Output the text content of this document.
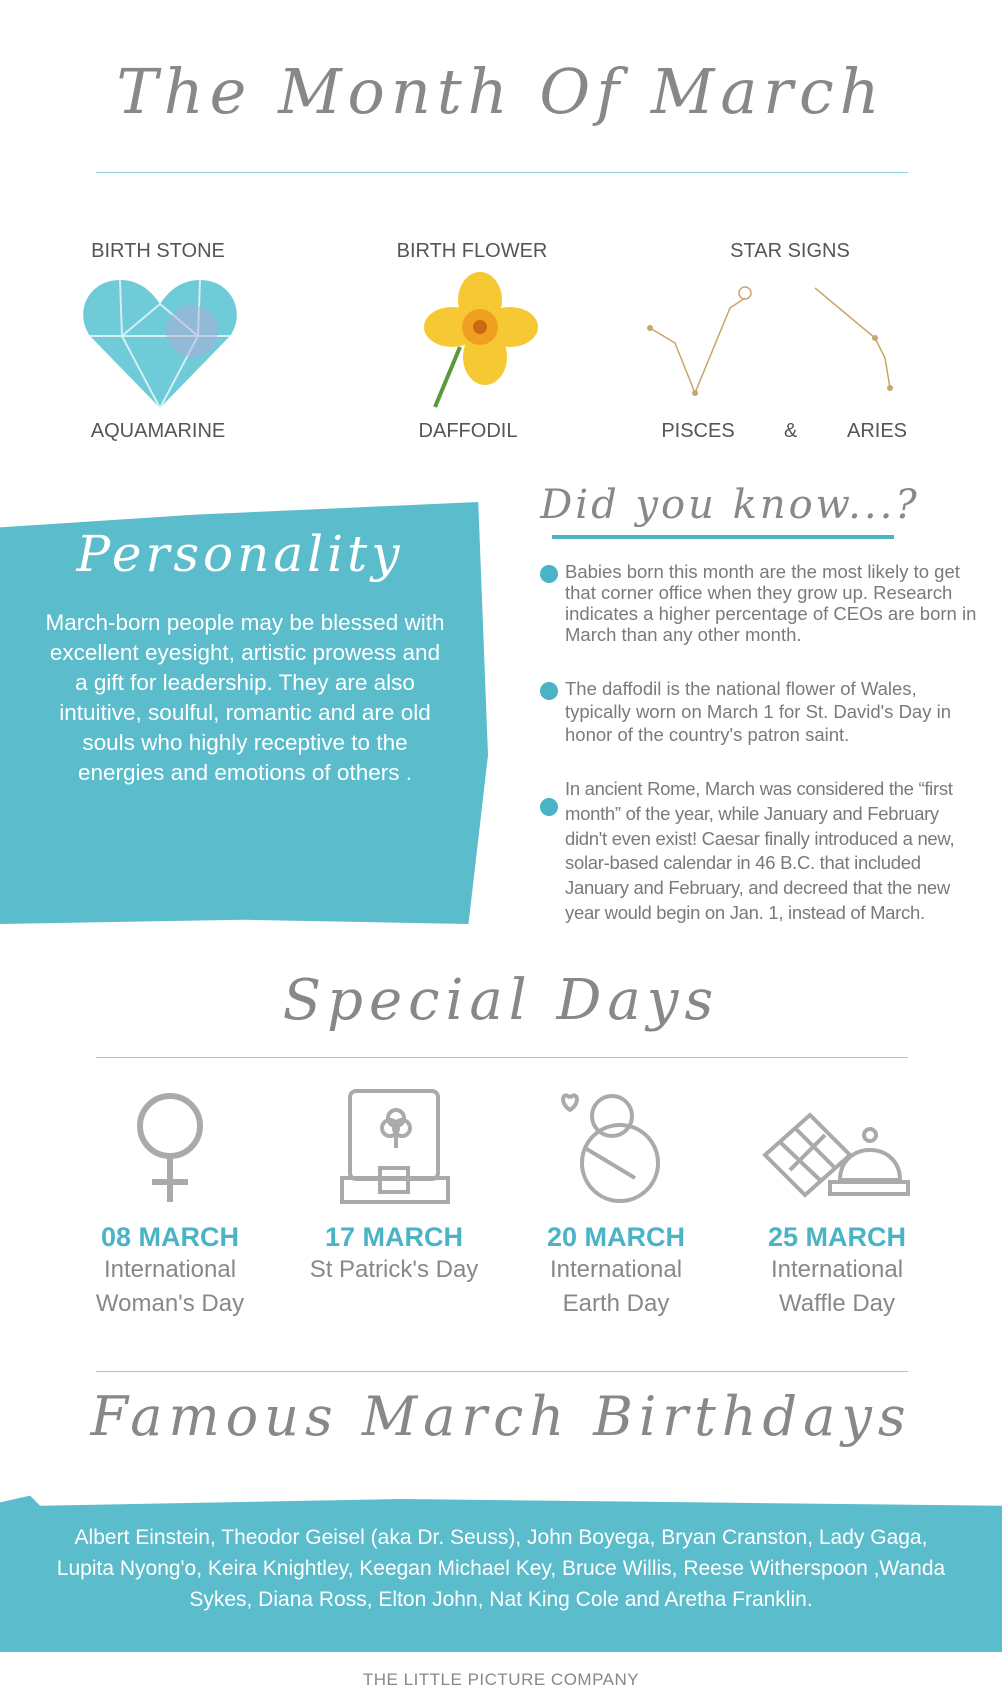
The Month Of March
BIRTH STONE
AQUAMARINE
BIRTH FLOWER
DAFFODIL
STAR SIGNS
PISCES	&	ARIES
Personality
March-born people may be blessed with excellent eyesight, artistic prowess and a gift for leadership. They are also intuitive, soulful, romantic and are old souls who highly receptive to the energies and emotions of others .
Did you know...?
Babies born this month are the most likely to get that corner office when they grow up. Research indicates a higher percentage of CEOs are born in March than any other month.
The daffodil is the national flower of Wales, typically worn on March 1 for St. David's Day in honor of the country's patron saint.
In ancient Rome, March was considered the “first month” of the year, while January and February didn't even exist! Caesar finally introduced a new, solar-based calendar in 46 B.C. that included January and February, and decreed that the new year would begin on Jan. 1, instead of March.
Special Days
08 MARCH
International Woman's Day
17 MARCH
St Patrick's Day
20 MARCH
International Earth Day
25 MARCH
International Waffle Day
Famous March Birthdays
Albert Einstein, Theodor Geisel (aka Dr. Seuss), John Boyega, Bryan Cranston, Lady Gaga, Lupita Nyong'o, Keira Knightley, Keegan Michael Key, Bruce Willis, Reese Witherspoon ,Wanda Sykes, Diana Ross, Elton John, Nat King Cole and Aretha Franklin.
THE LITTLE PICTURE COMPANY
